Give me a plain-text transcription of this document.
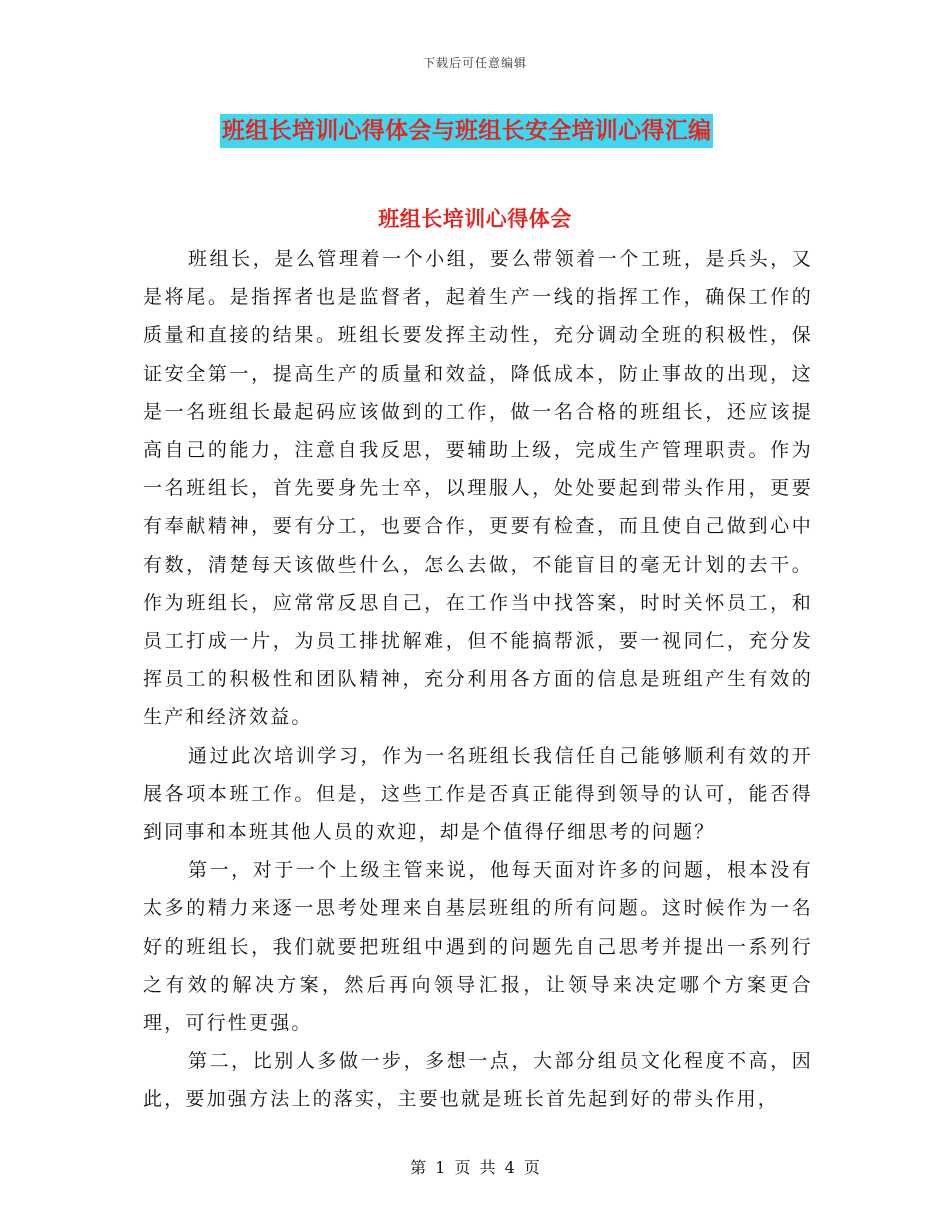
下载后可任意编辑
班组长培训心得体会与班组长安全培训心得汇编
班组长培训心得体会

班组长，是么管理着一个小组，要么带领着一个工班，是兵头，又是将尾。是指挥者也是监督者，起着生产一线的指挥工作，确保工作的质量和直接的结果。班组长要发挥主动性，充分调动全班的积极性，保证安全第一，提高生产的质量和效益，降低成本，防止事故的出现，这是一名班组长最起码应该做到的工作，做一名合格的班组长，还应该提高自己的能力，注意自我反思，要辅助上级，完成生产管理职责。作为一名班组长，首先要身先士卒，以理服人，处处要起到带头作用，更要有奉献精神，要有分工，也要合作，更要有检查，而且使自己做到心中有数，清楚每天该做些什么，怎么去做，不能盲目的毫无计划的去干。作为班组长，应常常反思自己，在工作当中找答案，时时关怀员工，和员工打成一片，为员工排扰解难，但不能搞帮派，要一视同仁，充分发挥员工的积极性和团队精神，充分利用各方面的信息是班组产生有效的生产和经济效益。

通过此次培训学习，作为一名班组长我信任自己能够顺利有效的开展各项本班工作。但是，这些工作是否真正能得到领导的认可，能否得到同事和本班其他人员的欢迎，却是个值得仔细思考的问题？

第一，对于一个上级主管来说，他每天面对许多的问题，根本没有太多的精力来逐一思考处理来自基层班组的所有问题。这时候作为一名好的班组长，我们就要把班组中遇到的问题先自己思考并提出一系列行之有效的解决方案，然后再向领导汇报，让领导来决定哪个方案更合理，可行性更强。

第二，比别人多做一步，多想一点，大部分组员文化程度不高，因此，要加强方法上的落实，主要也就是班长首先起到好的带头作用，

第 1 页 共 4 页
